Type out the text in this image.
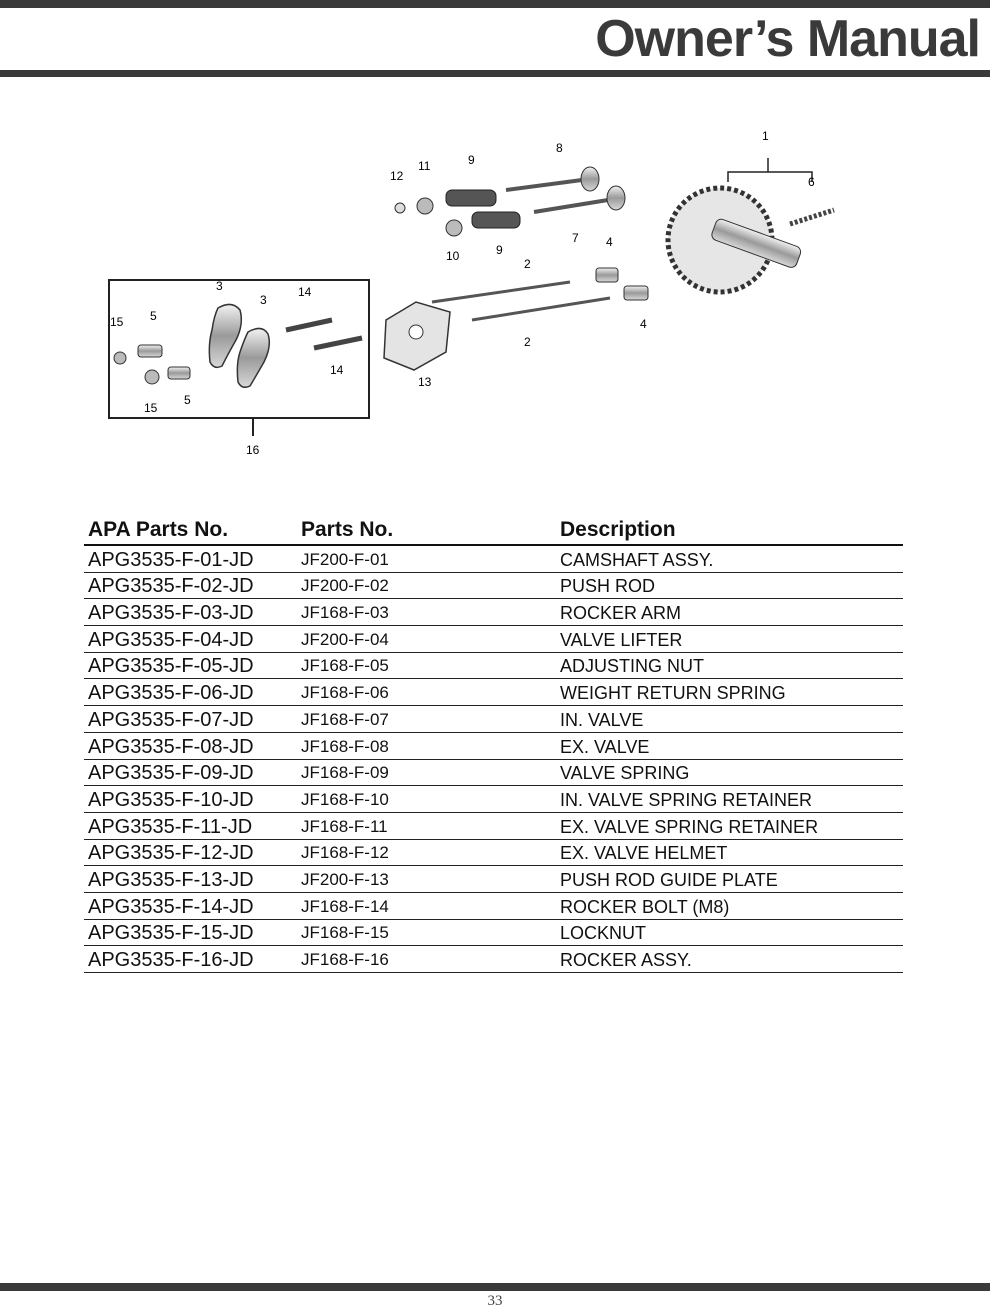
Owner’s Manual
1
2
2
3
3
4
4
5
5
6
7
8
9
9
10
11
12
13
14
14
15
15
16
APA Parts No.	Parts No.	Description
APG3535-F-01-JD	JF200-F-01	CAMSHAFT ASSY.
APG3535-F-02-JD	JF200-F-02	PUSH ROD
APG3535-F-03-JD	JF168-F-03	ROCKER ARM
APG3535-F-04-JD	JF200-F-04	VALVE LIFTER
APG3535-F-05-JD	JF168-F-05	ADJUSTING NUT
APG3535-F-06-JD	JF168-F-06	WEIGHT RETURN SPRING
APG3535-F-07-JD	JF168-F-07	IN. VALVE
APG3535-F-08-JD	JF168-F-08	EX. VALVE
APG3535-F-09-JD	JF168-F-09	VALVE SPRING
APG3535-F-10-JD	JF168-F-10	IN. VALVE SPRING RETAINER
APG3535-F-11-JD	JF168-F-11	EX. VALVE SPRING RETAINER
APG3535-F-12-JD	JF168-F-12	EX. VALVE HELMET
APG3535-F-13-JD	JF200-F-13	PUSH ROD GUIDE PLATE
APG3535-F-14-JD	JF168-F-14	ROCKER BOLT (M8)
APG3535-F-15-JD	JF168-F-15	LOCKNUT
APG3535-F-16-JD	JF168-F-16	ROCKER ASSY.
33
